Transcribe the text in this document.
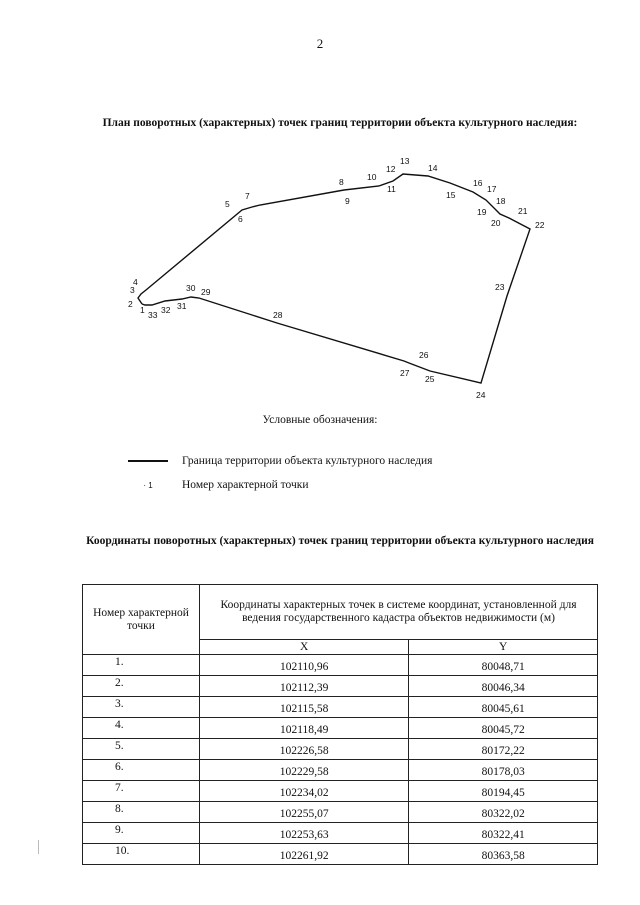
2
План поворотных (характерных) точек границ территории объекта культурного наследия:
1
2
3
4
5
6
7
8
9
10
11
12
13
14
15
16
17
18
19
20
21
22
23
24
25
26
27
28
29
30
31
32
33
Условные обозначения:
Граница территории объекта культурного наследия
· 1	Номер характерной точки
Координаты поворотных (характерных) точек границ территории объекта культурного наследия
Номер характерной точки	Координаты характерных точек в системе координат, установленной для ведения государственного кадастра объектов недвижимости (м)	
	X	Y
1.	102110,96	80048,71
2.	102112,39	80046,34
3.	102115,58	80045,61
4.	102118,49	80045,72
5.	102226,58	80172,22
6.	102229,58	80178,03
7.	102234,02	80194,45
8.	102255,07	80322,02
9.	102253,63	80322,41
10.	102261,92	80363,58
